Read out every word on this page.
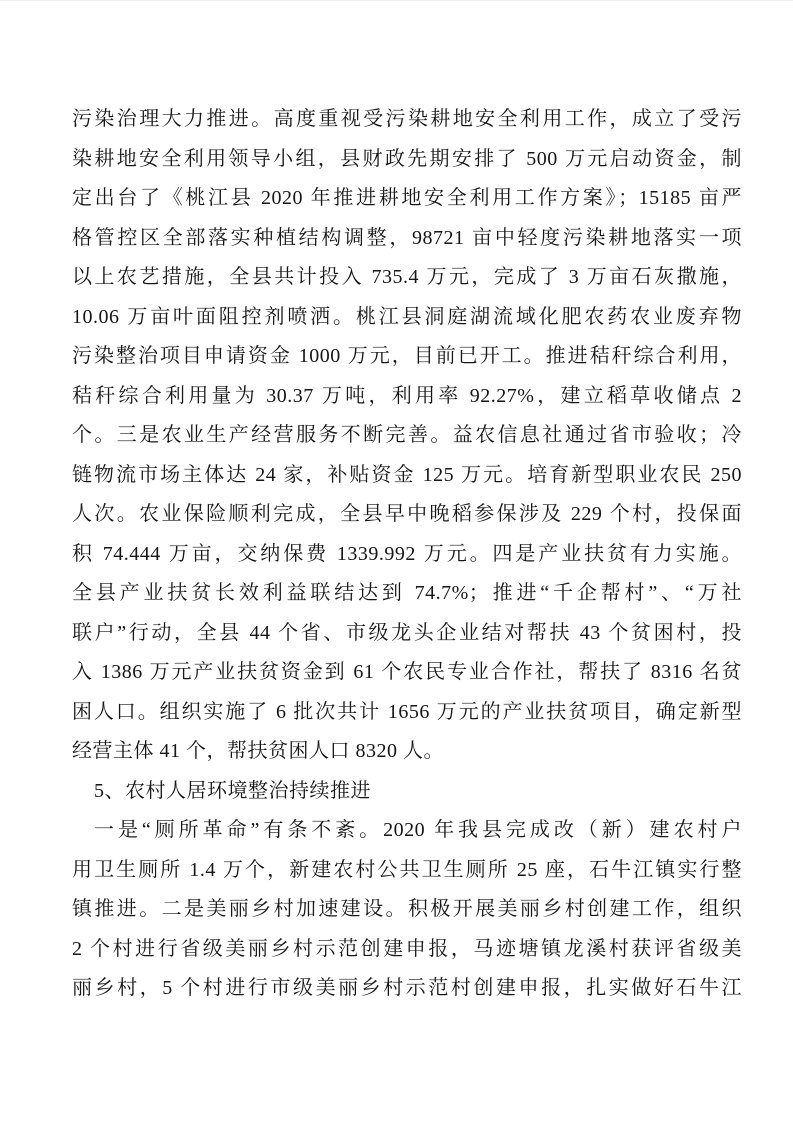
污染治理大力推进。高度重视受污染耕地安全利用工作，成立了受污
染耕地安全利用领导小组，县财政先期安排了 500 万元启动资金，制
定出台了《桃江县 2020 年推进耕地安全利用工作方案》；15185 亩严
格管控区全部落实种植结构调整，98721 亩中轻度污染耕地落实一项
以上农艺措施，全县共计投入 735.4 万元，完成了 3 万亩石灰撒施，
10.06 万亩叶面阻控剂喷洒。桃江县洞庭湖流域化肥农药农业废弃物
污染整治项目申请资金 1000 万元，目前已开工。推进秸秆综合利用，
秸秆综合利用量为 30.37 万吨，利用率 92.27%，建立稻草收储点 2
个。三是农业生产经营服务不断完善。益农信息社通过省市验收；冷
链物流市场主体达 24 家，补贴资金 125 万元。培育新型职业农民 250
人次。农业保险顺利完成，全县早中晚稻参保涉及 229 个村，投保面
积 74.444 万亩，交纳保费 1339.992 万元。四是产业扶贫有力实施。
全县产业扶贫长效利益联结达到 74.7%；推进“千企帮村”、“万社
联户”行动，全县 44 个省、市级龙头企业结对帮扶 43 个贫困村，投
入 1386 万元产业扶贫资金到 61 个农民专业合作社，帮扶了 8316 名贫
困人口。组织实施了 6 批次共计 1656 万元的产业扶贫项目，确定新型
经营主体 41 个，帮扶贫困人口 8320 人。
5、农村人居环境整治持续推进
一是“厕所革命”有条不紊。2020 年我县完成改（新）建农村户
用卫生厕所 1.4 万个，新建农村公共卫生厕所 25 座，石牛江镇实行整
镇推进。二是美丽乡村加速建设。积极开展美丽乡村创建工作，组织
2 个村进行省级美丽乡村示范创建申报，马迹塘镇龙溪村获评省级美
丽乡村，5 个村进行市级美丽乡村示范村创建申报，扎实做好石牛江
